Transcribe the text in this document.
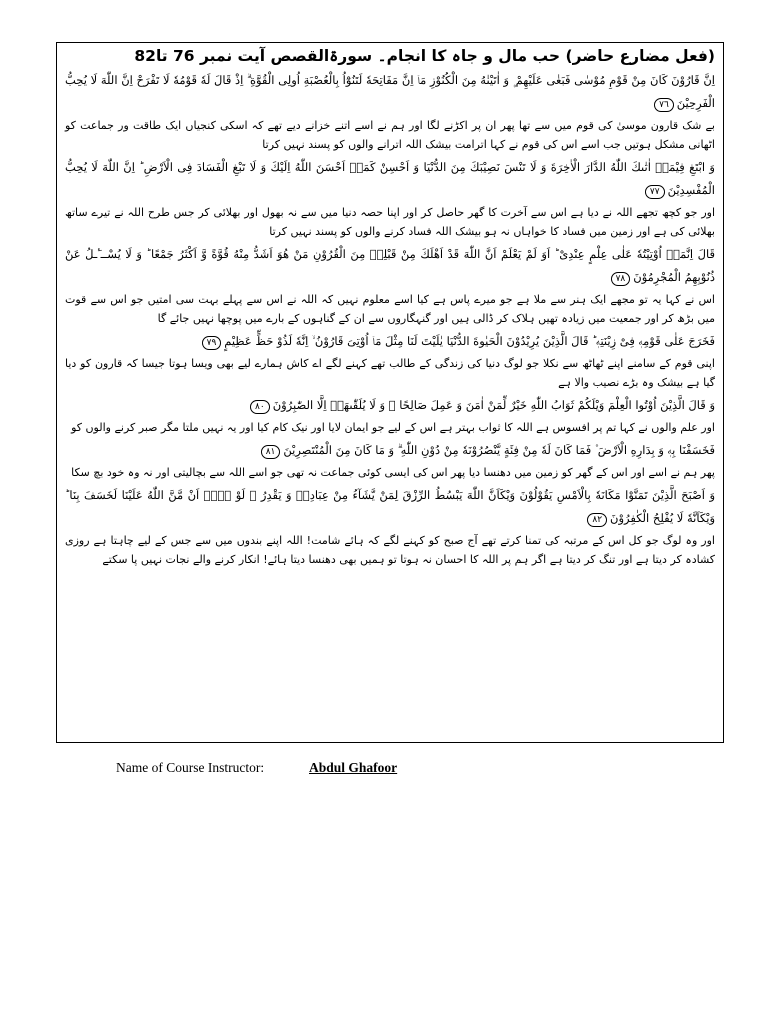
(فعل مضارع حاضر) حب مال و جاہ کا انجام۔ سورۃالقصص آیت نمبر 76 تا82

اِنَّ قَارُوْنَ كَانَ مِنْ قَوْمِ مُوْسٰى فَبَغٰى عَلَيْهِمْ ۪ وَ اٰتَيْنٰهُ مِنَ الْكُنُوْزِ مَاۤ اِنَّ مَفَاتِحَهٗ لَتَنُوْٓاُ بِالْعُصْبَةِ اُولِی الْقُوَّةِ ۗ اِذْ قَالَ لَهٗ قَوْمُهٗ لَا تَفْرَحْ اِنَّ اللّٰهَ لَا یُحِبُّ الْفَرِحِیْنَ٧٦

بے شک قارون موسیٰ کی قوم میں سے تھا پھر ان پر اکڑنے لگا اور ہم نے اسے اتنے خزانے دیے تھے کہ اسکی کنجیاں ایک طاقت ور جماعت کو اٹھانی مشکل ہوتیں جب اسے اس کی قوم نے کہا اترامت بیشک اللہ اترانے والوں کو پسند نہیں کرتا

وَ ابْتَغِ فِیْمَاۤ اٰتٰىكَ اللّٰهُ الدَّارَ الْاٰخِرَةَ وَ لَا تَنْسَ نَصِیْبَكَ مِنَ الدُّنْیَا وَ اَحْسِنْ كَمَاۤ اَحْسَنَ اللّٰهُ اِلَیْكَ وَ لَا تَبْغِ الْفَسَادَ فِی الْاَرْضِ ؕ اِنَّ اللّٰهَ لَا یُحِبُّ الْمُفْسِدِیْنَ٧٧

اور جو کچھ تجھے اللہ نے دیا ہے اس سے آخرت کا گھر حاصل کر اور اپنا حصہ دنیا میں سے نہ بھول اور بھلائی کر جس طرح اللہ نے تیرے ساتھ بھلائی کی ہے اور زمین میں فساد کا خواہاں نہ ہو بیشک اللہ فساد کرنے والوں کو پسند نہیں کرتا

قَالَ اِنَّمَاۤ اُوْتِیْتُهٗ عَلٰى عِلْمٍ عِنْدِیْ ؕ اَوَ لَمْ یَعْلَمْ اَنَّ اللّٰهَ قَدْ اَهْلَكَ مِنْ قَبْلِهٖ مِنَ الْقُرُوْنِ مَنْ هُوَ اَشَدُّ مِنْهُ قُوَّةً وَّ اَكْثَرُ جَمْعًا ؕ وَ لَا یُسْــٴَـلُ عَنْ ذُنُوْبِهِمُ الْمُجْرِمُوْنَ٧٨

اس نے کہا یہ تو مجھے ایک ہنر سے ملا ہے جو میرے پاس ہے کیا اسے معلوم نہیں کہ اللہ نے اس سے پہلے بہت سی امتیں جو اس سے قوت میں بڑھ کر اور جمعیت میں زیادہ تھیں ہلاک کر ڈالی ہیں اور گنہگاروں سے ان کے گناہوں کے بارے میں پوچھا نہیں جائے گا

فَخَرَجَ عَلٰى قَوْمِهٖ فِیْ زِیْنَتِهٖ ؕ قَالَ الَّذِیْنَ یُرِیْدُوْنَ الْحَیٰوةَ الدُّنْیَا یٰلَیْتَ لَنَا مِثْلَ مَاۤ اُوْتِیَ قَارُوْنُ ۙ اِنَّهٗ لَذُوْ حَظٍّ عَظِیْمٍ٧٩

اپنی قوم کے سامنے اپنے ٹھاٹھ سے نکلا جو لوگ دنیا کی زندگی کے طالب تھے کہنے لگے اے کاش ہمارے لیے بھی ویسا ہوتا جیسا کہ قارون کو دیا گیا ہے بیشک وہ بڑے نصیب والا ہے

وَ قَالَ الَّذِیْنَ اُوْتُوا الْعِلْمَ وَیْلَكُمْ ثَوَابُ اللّٰهِ خَیْرٌ لِّمَنْ اٰمَنَ وَ عَمِلَ صَالِحًا ۚ وَ لَا یُلَقّٰىهَاۤ اِلَّا الصّٰبِرُوْنَ٨٠

اور علم والوں نے کہا تم پر افسوس ہے اللہ کا ثواب بہتر ہے اس کے لیے جو ایمان لایا اور نیک کام کیا اور یہ نہیں ملتا مگر صبر کرنے والوں کو

فَخَسَفْنَا بِهٖ وَ بِدَارِهِ الْاَرْضَ ۫ فَمَا كَانَ لَهٗ مِنْ فِئَةٍ یَّنْصُرُوْنَهٗ مِنْ دُوْنِ اللّٰهِ ۗ وَ مَا كَانَ مِنَ الْمُنْتَصِرِیْنَ٨١

پھر ہم نے اسے اور اس کے گھر کو زمین میں دھنسا دیا پھر اس کی ایسی کوئی جماعت نہ تھی جو اسے اللہ سے بچالیتی اور نہ وہ خود بچ سکا

وَ اَصْبَحَ الَّذِیْنَ تَمَنَّوْا مَكَانَهٗ بِالْاَمْسِ یَقُوْلُوْنَ وَیْكَاَنَّ اللّٰهَ یَبْسُطُ الرِّزْقَ لِمَنْ یَّشَآءُ مِنْ عِبَادِهٖ وَ یَقْدِرُ ۚ لَوْ لَاۤ اَنْ مَّنَّ اللّٰهُ عَلَیْنَا لَخَسَفَ بِنَا ؕ وَیْكَاَنَّهٗ لَا یُفْلِحُ الْكٰفِرُوْنَ٨٢

اور وہ لوگ جو کل اس کے مرتبہ کی تمنا کرتے تھے آج صبح کو کہنے لگے کہ ہائے شامت! اللہ اپنے بندوں میں سے جس کے لیے چاہتا ہے روزی کشادہ کر دیتا ہے اور تنگ کر دیتا ہے اگر ہم پر اللہ کا احسان نہ ہوتا تو ہمیں بھی دھنسا دیتا ہائے! انکار کرنے والے نجات نہیں پا سکتے

Name of Course Instructor:	Abdul Ghafoor
